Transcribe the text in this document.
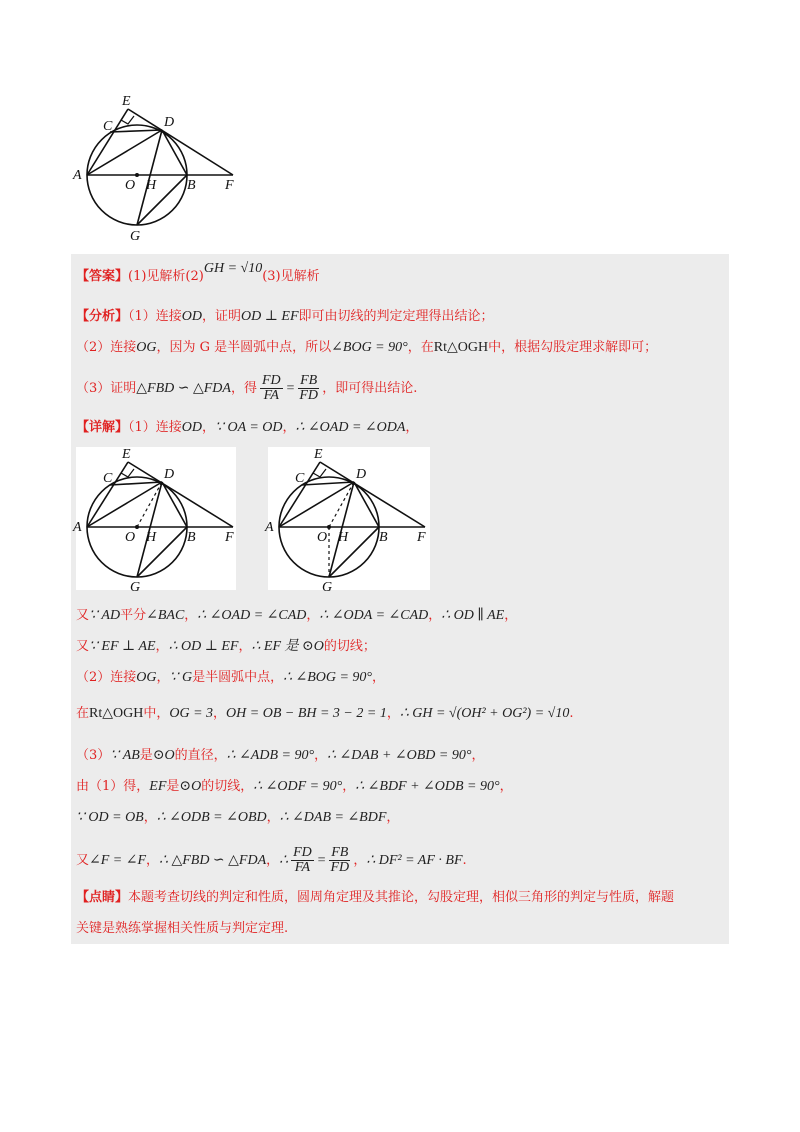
E
C	D
A
O H B F
G
【答案】(1)见解析(2)GH = √10(3)见解析
【分析】（1）连接OD，证明OD ⊥ EF即可由切线的判定定理得出结论；
（2）连接OG，因为 G 是半圆弧中点，所以∠BOG = 90°，在Rt△OGH中，根据勾股定理求解即可；
（3）证明△FBD ∽ △FDA，得 $\frac{FD}{FA} = \frac{FB}{FD}$ ，即可得出结论.
【详解】（1）连接OD，∵ OA = OD，∴ ∠OAD = ∠ODA，
E
C	D
A
O H B F
G
E
C	D
A
O H B F
G
又∵ AD平分∠BAC，∴ ∠OAD = ∠CAD，∴ ∠ODA = ∠CAD，∴ OD ∥ AE，
又∵ EF ⊥ AE，∴ OD ⊥ EF，∴ EF 是 ⊙O的切线；
（2）连接OG，∵ G是半圆弧中点，∴ ∠BOG = 90°，
在Rt△OGH中，OG = 3，OH = OB − BH = 3 − 2 = 1，∴ GH = √(OH² + OG²) = √10.
（3）∵ AB是⊙O的直径，∴ ∠ADB = 90°，∴ ∠DAB + ∠OBD = 90°，
由（1）得，EF是⊙O的切线，∴ ∠ODF = 90°，∴ ∠BDF + ∠ODB = 90°，
∵ OD = OB，∴ ∠ODB = ∠OBD，∴ ∠DAB = ∠BDF，
又∠F = ∠F，∴ △FBD ∽ △FDA，∴ $\frac{FD}{FA} = \frac{FB}{FD}$ ，∴ DF² = AF · BF.
【点睛】本题考查切线的判定和性质，圆周角定理及其推论，勾股定理，相似三角形的判定与性质，解题
关键是熟练掌握相关性质与判定定理.
